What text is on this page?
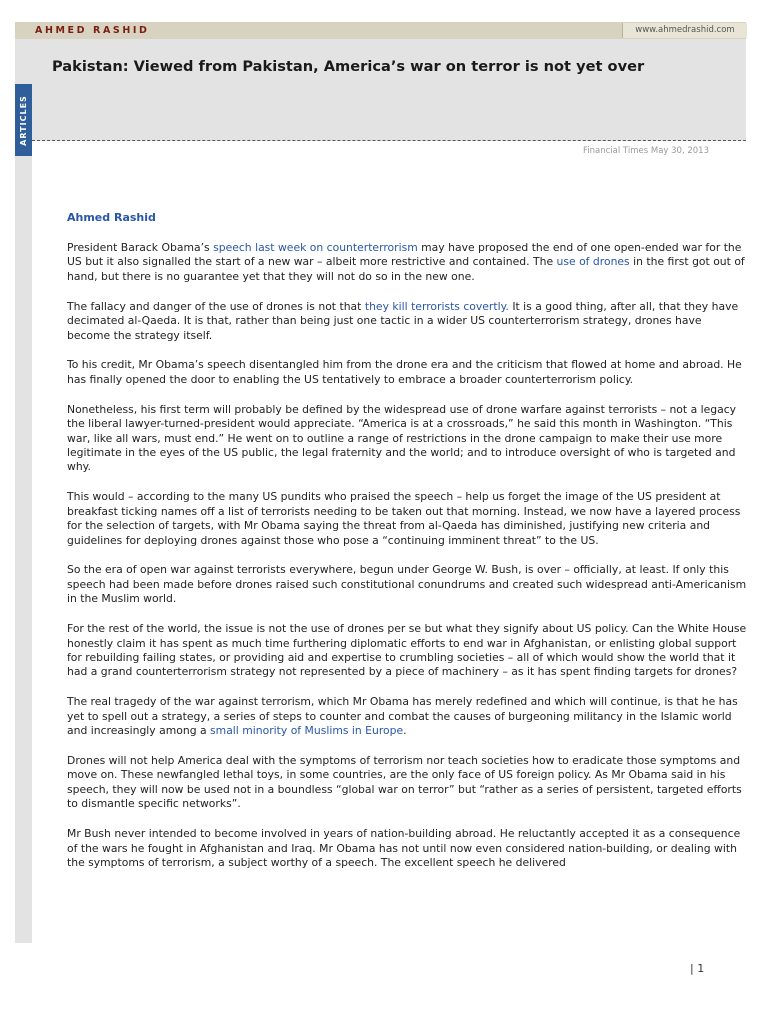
AHMED RASHID	www.ahmedrashid.com
ARTICLES
Pakistan: Viewed from Pakistan, America’s war on terror is not yet over
Financial Times May 30, 2013
Ahmed Rashid

President Barack Obama’s speech last week on counterterrorism may have proposed the end of one open-ended war for the US but it also signalled the start of a new war – albeit more restrictive and contained. The use of drones in the first got out of hand, but there is no guarantee yet that they will not do so in the new one.

The fallacy and danger of the use of drones is not that they kill terrorists covertly. It is a good thing, after all, that they have decimated al-Qaeda. It is that, rather than being just one tactic in a wider US counterterrorism strategy, drones have become the strategy itself.

To his credit, Mr Obama’s speech disentangled him from the drone era and the criticism that flowed at home and abroad. He has finally opened the door to enabling the US tentatively to embrace a broader counterterrorism policy.

Nonetheless, his first term will probably be defined by the widespread use of drone warfare against terrorists – not a legacy the liberal lawyer-turned-president would appreciate. “America is at a crossroads,” he said this month in Washington. “This war, like all wars, must end.” He went on to outline a range of restrictions in the drone campaign to make their use more legitimate in the eyes of the US public, the legal fraternity and the world; and to introduce oversight of who is targeted and why.

This would – according to the many US pundits who praised the speech – help us forget the image of the US president at breakfast ticking names off a list of terrorists needing to be taken out that morning. Instead, we now have a layered process for the selection of targets, with Mr Obama saying the threat from al-Qaeda has diminished, justifying new criteria and guidelines for deploying drones against those who pose a “continuing imminent threat” to the US.

So the era of open war against terrorists everywhere, begun under George W. Bush, is over – officially, at least. If only this speech had been made before drones raised such constitutional conundrums and created such widespread anti-Americanism in the Muslim world.

For the rest of the world, the issue is not the use of drones per se but what they signify about US policy. Can the White House honestly claim it has spent as much time furthering diplomatic efforts to end war in Afghanistan, or enlisting global support for rebuilding failing states, or providing aid and expertise to crumbling societies – all of which would show the world that it had a grand counterterrorism strategy not represented by a piece of machinery – as it has spent finding targets for drones?

The real tragedy of the war against terrorism, which Mr Obama has merely redefined and which will continue, is that he has yet to spell out a strategy, a series of steps to counter and combat the causes of burgeoning militancy in the Islamic world and increasingly among a small minority of Muslims in Europe.

Drones will not help America deal with the symptoms of terrorism nor teach societies how to eradicate those symptoms and move on. These newfangled lethal toys, in some countries, are the only face of US foreign policy. As Mr Obama said in his speech, they will now be used not in a boundless “global war on terror” but “rather as a series of persistent, targeted efforts to dismantle specific networks”.

Mr Bush never intended to become involved in years of nation-building abroad. He reluctantly accepted it as a consequence of the wars he fought in Afghanistan and Iraq. Mr Obama has not until now even considered nation-building, or dealing with the symptoms of terrorism, a subject worthy of a speech. The excellent speech he delivered

| 1
